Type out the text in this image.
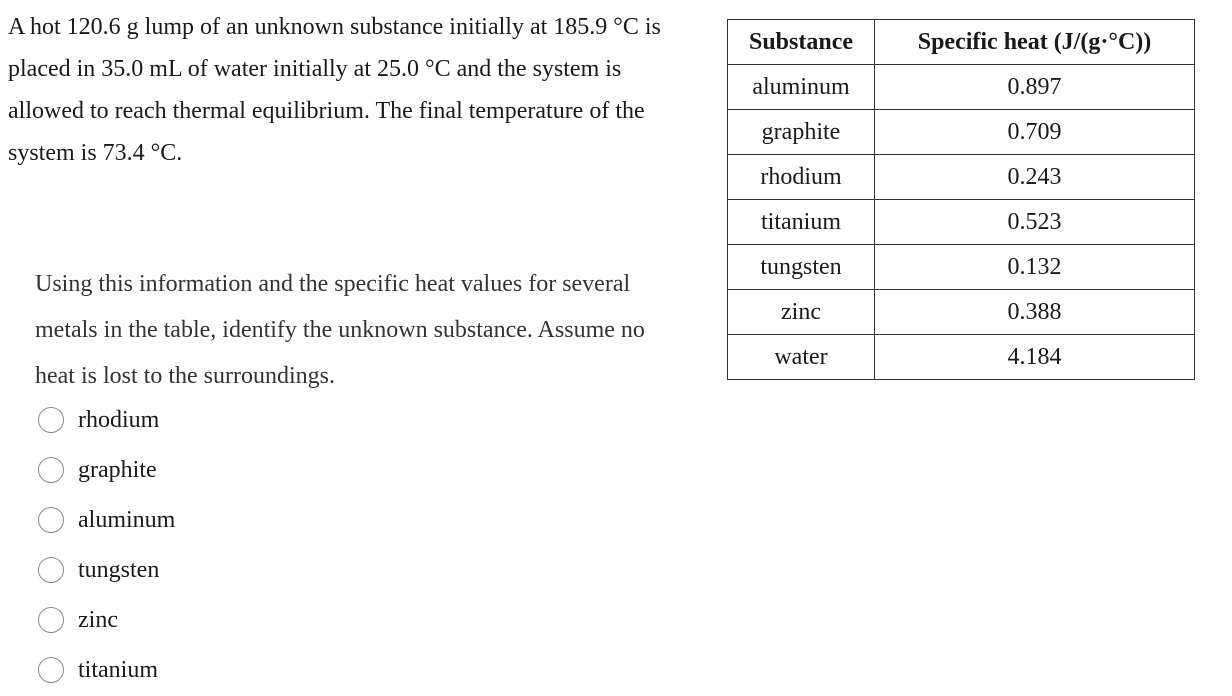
A hot 120.6 g lump of an unknown substance initially at 185.9 °C is placed in 35.0 mL of water initially at 25.0 °C and the system is allowed to reach thermal equilibrium. The final temperature of the system is 73.4 °C.
Using this information and the specific heat values for several metals in the table, identify the unknown substance. Assume no heat is lost to the surroundings.
rhodium
graphite
aluminum
tungsten
zinc
titanium
Substance	Specific heat (J/(g·°C))
aluminum	0.897
graphite	0.709
rhodium	0.243
titanium	0.523
tungsten	0.132
zinc	0.388
water	4.184
